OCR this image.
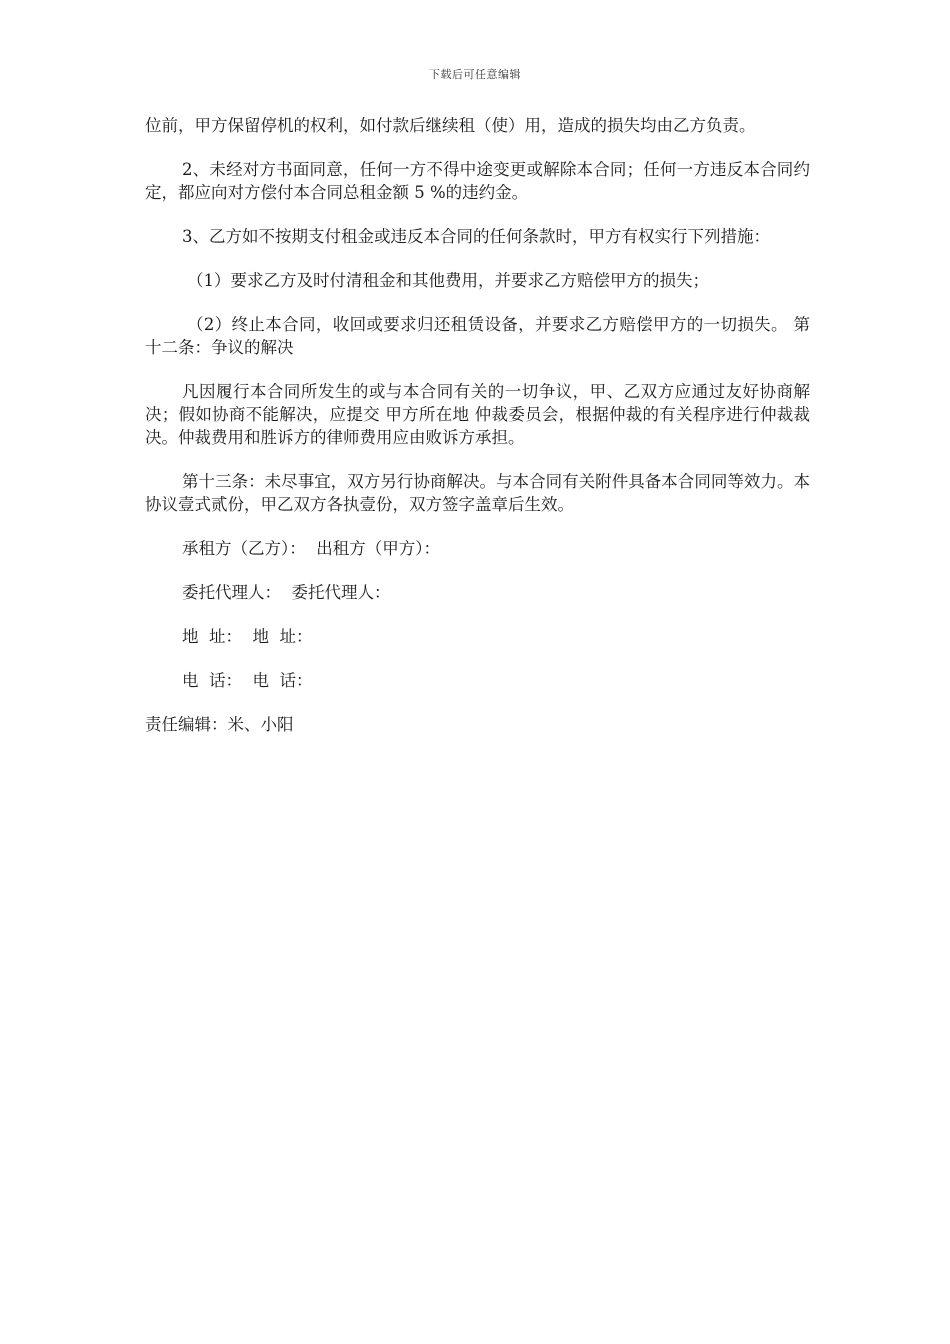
下载后可任意编辑

位前，甲方保留停机的权利，如付款后继续租（使）用，造成的损失均由乙方负责。

2、未经对方书面同意，任何一方不得中途变更或解除本合同；任何一方违反本合同约定，都应向对方偿付本合同总租金额 5 %的违约金。

3、乙方如不按期支付租金或违反本合同的任何条款时，甲方有权实行下列措施：

（1）要求乙方及时付清租金和其他费用，并要求乙方赔偿甲方的损失；

（2）终止本合同，收回或要求归还租赁设备，并要求乙方赔偿甲方的一切损失。 第十二条：争议的解决

凡因履行本合同所发生的或与本合同有关的一切争议，甲、乙双方应通过友好协商解决；假如协商不能解决，应提交 甲方所在地 仲裁委员会，根据仲裁的有关程序进行仲裁裁决。仲裁费用和胜诉方的律师费用应由败诉方承担。

第十三条：未尽事宜，双方另行协商解决。与本合同有关附件具备本合同同等效力。本协议壹式贰份，甲乙双方各执壹份，双方签字盖章后生效。

承租方（乙方）：  出租方（甲方）：
委托代理人：  委托代理人：
地  址：  地  址：
电  话：  电  话：
责任编辑：米、小阳
